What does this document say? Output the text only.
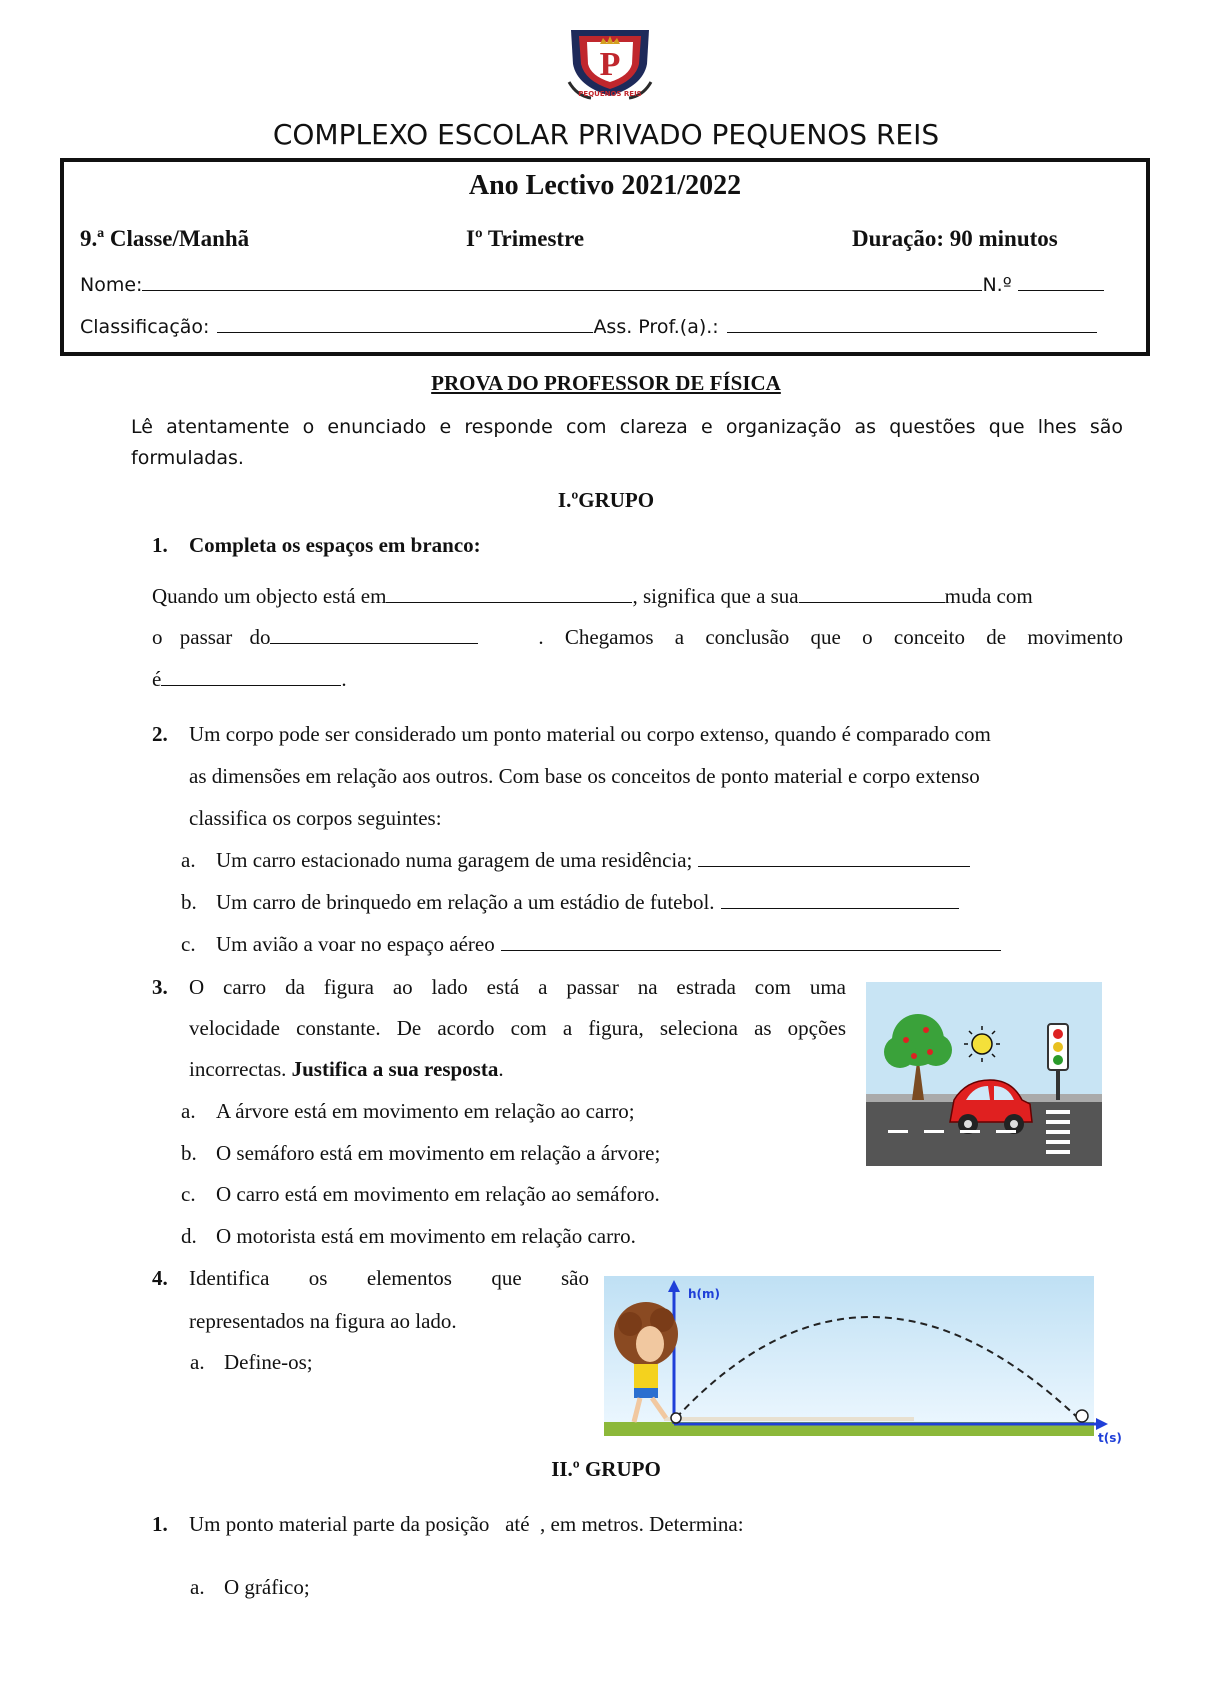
P
PEQUENOS REIS
COMPLEXO ESCOLAR PRIVADO PEQUENOS REIS
Ano Lectivo 2021/2022
9.ª Classe/Manhã	Iº Trimestre	Duração: 90 minutos
Nome:	N.º
Classificação:	Ass. Prof.(a).:
PROVA DO PROFESSOR DE FÍSICA
Lê atentamente o enunciado e responde com clareza e organização as questões que lhes são formuladas.
I.ºGRUPO
1. Completa os espaços em branco:
Quando um objecto está em	, significa que a sua	muda com
o passar do	. Chegamos a conclusão que o conceito de movimento
é	.
2. Um corpo pode ser considerado um ponto material ou corpo extenso, quando é comparado com
as dimensões em relação aos outros. Com base os conceitos de ponto material e corpo extenso
classifica os corpos seguintes:
a. Um carro estacionado numa garagem de uma residência;
b. Um carro de brinquedo em relação a um estádio de futebol.
c. Um avião a voar no espaço aéreo
3. O carro da figura ao lado está a passar na estrada com uma
velocidade constante. De acordo com a figura, seleciona as opções
incorrectas. Justifica a sua resposta.
a. A árvore está em movimento em relação ao carro;
b. O semáforo está em movimento em relação a árvore;
c. O carro está em movimento em relação ao semáforo.
d. O motorista está em movimento em relação carro.
4. Identifica os elementos que são
representados na figura ao lado.
a. Define-os;
h(m)
t(s)
II.º GRUPO
1. Um ponto material parte da posição   até  , em metros. Determina:
a. O gráfico;
